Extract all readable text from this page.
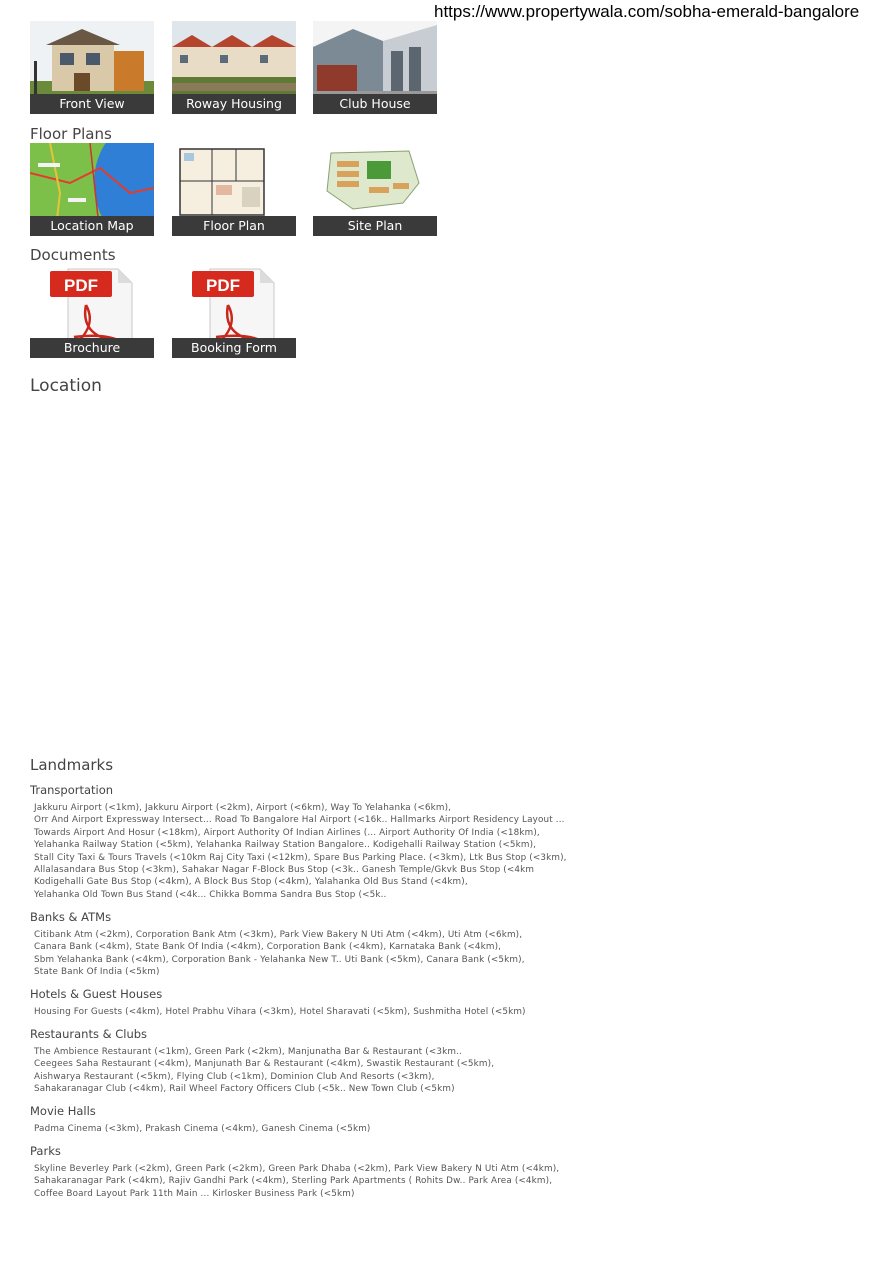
https://www.propertywala.com/sobha-emerald-bangalore
Front View	Roway Housing	Club House
Floor Plans
Location Map	Floor Plan	Site Plan
Documents
PDF
Brochure
PDF
Booking Form
Location
Landmarks
Transportation
Jakkuru Airport (<1km), Jakkuru Airport (<2km), Airport (<6km), Way To Yelahanka (<6km),
Orr And Airport Expressway Intersect... Road To Bangalore Hal Airport (<16k.. Hallmarks Airport Residency Layout ...
Towards Airport And Hosur (<18km), Airport Authority Of Indian Airlines (... Airport Authority Of India (<18km),
Yelahanka Railway Station (<5km), Yelahanka Railway Station Bangalore.. Kodigehalli Railway Station (<5km),
Stall City Taxi & Tours Travels (<10km Raj City Taxi (<12km), Spare Bus Parking Place. (<3km), Ltk Bus Stop (<3km),
Allalasandara Bus Stop (<3km), Sahakar Nagar F-Block Bus Stop (<3k.. Ganesh Temple/Gkvk Bus Stop (<4km
Kodigehalli Gate Bus Stop (<4km), A Block Bus Stop (<4km), Yalahanka Old Bus Stand (<4km),
Yelahanka Old Town Bus Stand (<4k... Chikka Bomma Sandra Bus Stop (<5k..
Banks & ATMs
Citibank Atm (<2km), Corporation Bank Atm (<3km), Park View Bakery N Uti Atm (<4km), Uti Atm (<6km),
Canara Bank (<4km), State Bank Of India (<4km), Corporation Bank (<4km), Karnataka Bank (<4km),
Sbm Yelahanka Bank (<4km), Corporation Bank - Yelahanka New T.. Uti Bank (<5km), Canara Bank (<5km),
State Bank Of India (<5km)
Hotels & Guest Houses
Housing For Guests (<4km), Hotel Prabhu Vihara (<3km), Hotel Sharavati (<5km), Sushmitha Hotel (<5km)
Restaurants & Clubs
The Ambience Restaurant (<1km), Green Park (<2km), Manjunatha Bar & Restaurant (<3km..
Ceegees Saha Restaurant (<4km), Manjunath Bar & Restaurant (<4km), Swastik Restaurant (<5km),
Aishwarya Restaurant (<5km), Flying Club (<1km), Dominion Club And Resorts (<3km),
Sahakaranagar Club (<4km), Rail Wheel Factory Officers Club (<5k.. New Town Club (<5km)
Movie Halls
Padma Cinema (<3km), Prakash Cinema (<4km), Ganesh Cinema (<5km)
Parks
Skyline Beverley Park (<2km), Green Park (<2km), Green Park Dhaba (<2km), Park View Bakery N Uti Atm (<4km),
Sahakaranagar Park (<4km), Rajiv Gandhi Park (<4km), Sterling Park Apartments ( Rohits Dw.. Park Area (<4km),
Coffee Board Layout Park 11th Main ... Kirlosker Business Park (<5km)
